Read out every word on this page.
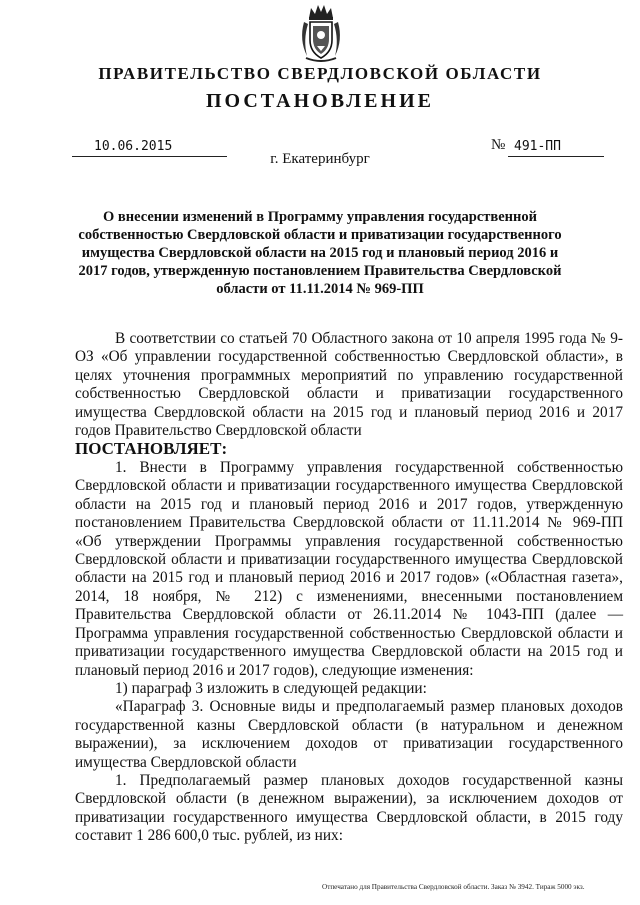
ПРАВИТЕЛЬСТВО СВЕРДЛОВСКОЙ ОБЛАСТИ

ПОСТАНОВЛЕНИЕ

10.06.2015	№ 491-ПП
г. Екатеринбург

О внесении изменений в Программу управления государственной собственностью Свердловской области и приватизации государственного имущества Свердловской области на 2015 год и плановый период 2016 и 2017 годов, утвержденную постановлением Правительства Свердловской области от 11.11.2014 № 969-ПП

В соответствии со статьей 70 Областного закона от 10 апреля 1995 года № 9-ОЗ «Об управлении государственной собственностью Свердловской области», в целях уточнения программных мероприятий по управлению государственной собственностью Свердловской области и приватизации государственного имущества Свердловской области на 2015 год и плановый период 2016 и 2017 годов Правительство Свердловской области

ПОСТАНОВЛЯЕТ:

1. Внести в Программу управления государственной собственностью Свердловской области и приватизации государственного имущества Свердловской области на 2015 год и плановый период 2016 и 2017 годов, утвержденную постановлением Правительства Свердловской области от 11.11.2014 № 969-ПП «Об утверждении Программы управления государственной собственностью Свердловской области и приватизации государственного имущества Свердловской области на 2015 год и плановый период 2016 и 2017 годов» («Областная газета», 2014, 18 ноября, № 212) с изменениями, внесенными постановлением Правительства Свердловской области от 26.11.2014 № 1043-ПП (далее — Программа управления государственной собственностью Свердловской области и приватизации государственного имущества Свердловской области на 2015 год и плановый период 2016 и 2017 годов), следующие изменения:

1) параграф 3 изложить в следующей редакции:

«Параграф 3. Основные виды и предполагаемый размер плановых доходов государственной казны Свердловской области (в натуральном и денежном выражении), за исключением доходов от приватизации государственного имущества Свердловской области

1. Предполагаемый размер плановых доходов государственной казны Свердловской области (в денежном выражении), за исключением доходов от приватизации государственного имущества Свердловской области, в 2015 году составит 1 286 600,0 тыс. рублей, из них:

Отпечатано для Правительства Свердловской области. Заказ № 3942. Тираж 5000 экз.
